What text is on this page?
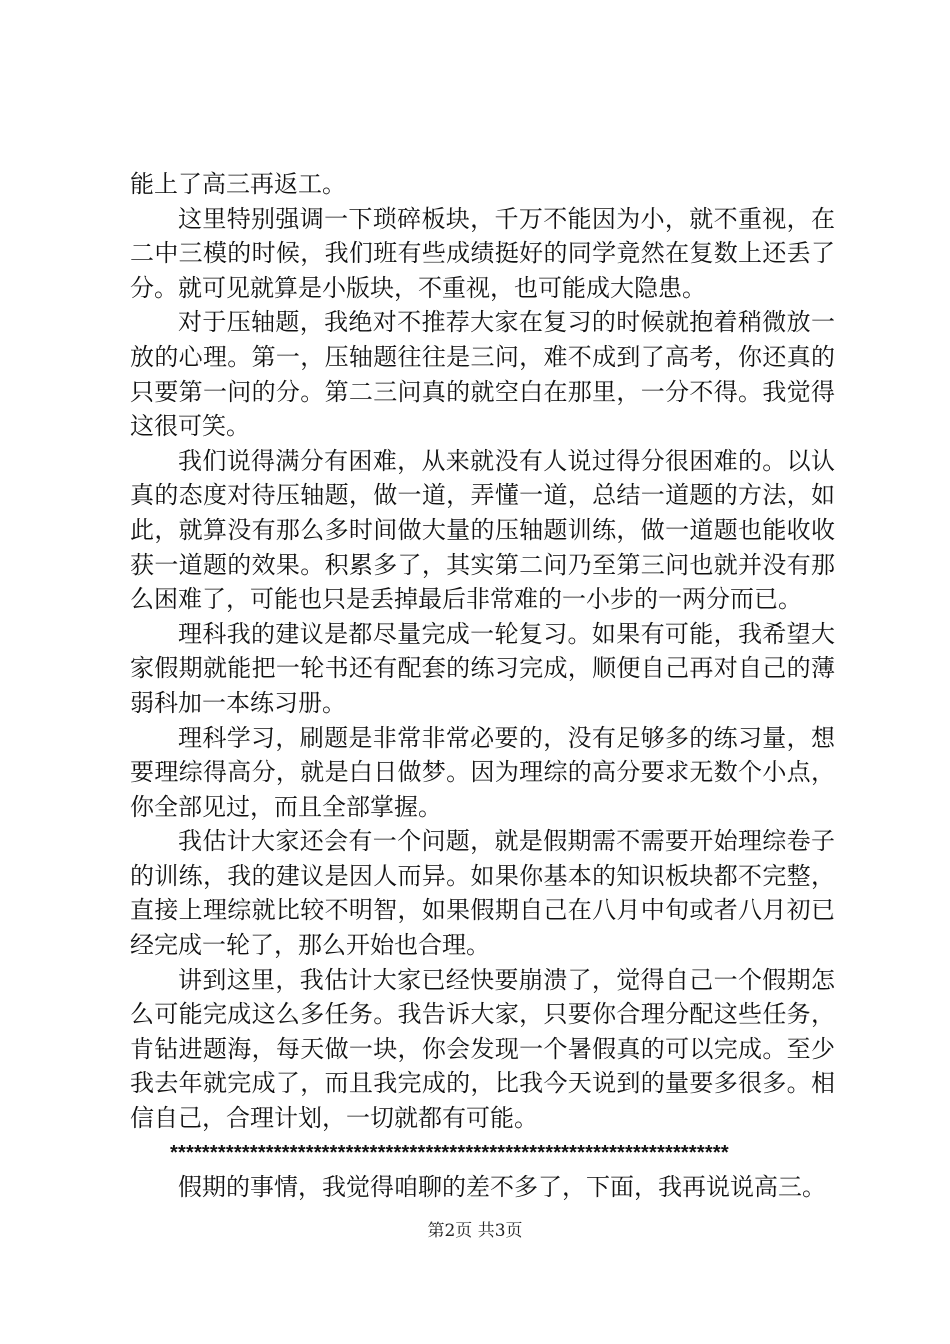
能上了高三再返工。

这里特别强调一下琐碎板块，千万不能因为小，就不重视，在二中三模的时候，我们班有些成绩挺好的同学竟然在复数上还丢了分。就可见就算是小版块，不重视，也可能成大隐患。

对于压轴题，我绝对不推荐大家在复习的时候就抱着稍微放一放的心理。第一，压轴题往往是三问，难不成到了高考，你还真的只要第一问的分。第二三问真的就空白在那里，一分不得。我觉得这很可笑。

我们说得满分有困难，从来就没有人说过得分很困难的。以认真的态度对待压轴题，做一道，弄懂一道，总结一道题的方法，如此，就算没有那么多时间做大量的压轴题训练，做一道题也能收收获一道题的效果。积累多了，其实第二问乃至第三问也就并没有那么困难了，可能也只是丢掉最后非常难的一小步的一两分而已。

理科我的建议是都尽量完成一轮复习。如果有可能，我希望大家假期就能把一轮书还有配套的练习完成，顺便自己再对自己的薄弱科加一本练习册。

理科学习，刷题是非常非常必要的，没有足够多的练习量，想要理综得高分，就是白日做梦。因为理综的高分要求无数个小点，你全部见过，而且全部掌握。

我估计大家还会有一个问题，就是假期需不需要开始理综卷子的训练，我的建议是因人而异。如果你基本的知识板块都不完整，直接上理综就比较不明智，如果假期自己在八月中旬或者八月初已经完成一轮了，那么开始也合理。

讲到这里，我估计大家已经快要崩溃了，觉得自己一个假期怎么可能完成这么多任务。我告诉大家，只要你合理分配这些任务，肯钻进题海，每天做一块，你会发现一个暑假真的可以完成。至少我去年就完成了，而且我完成的，比我今天说到的量要多很多。相信自己，合理计划，一切就都有可能。

**********************************************************************

假期的事情，我觉得咱聊的差不多了，下面，我再说说高三。

第2页 共3页
